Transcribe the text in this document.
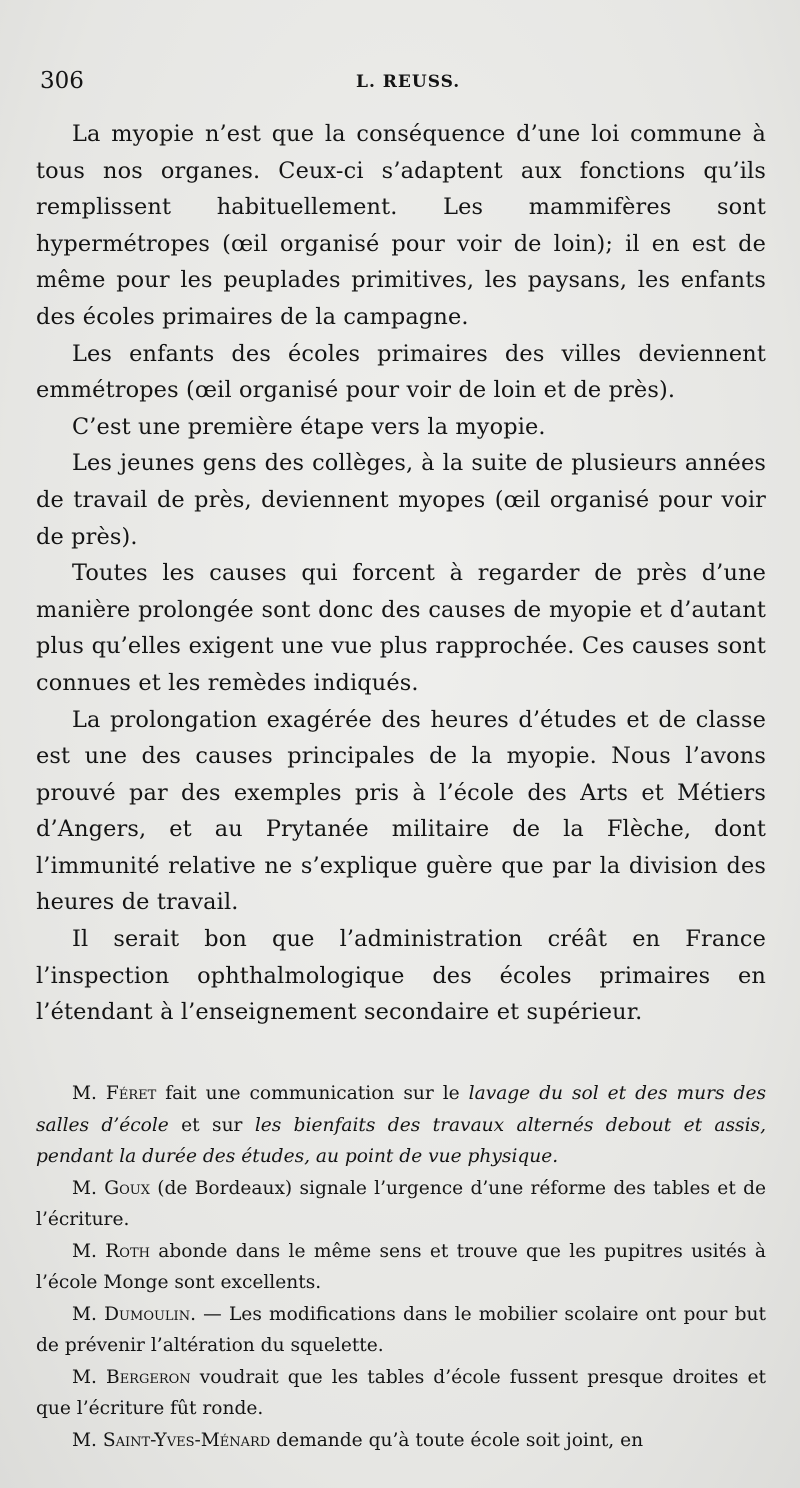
306	L. REUSS.

La myopie n’est que la conséquence d’une loi commune à tous nos organes. Ceux-ci s’adaptent aux fonctions qu’ils remplissent habituellement. Les mammifères sont hypermétropes (œil organisé pour voir de loin); il en est de même pour les peuplades primitives, les paysans, les enfants des écoles primaires de la campagne.

Les enfants des écoles primaires des villes deviennent emmétropes (œil organisé pour voir de loin et de près).

C’est une première étape vers la myopie.

Les jeunes gens des collèges, à la suite de plusieurs années de travail de près, deviennent myopes (œil organisé pour voir de près).

Toutes les causes qui forcent à regarder de près d’une manière prolongée sont donc des causes de myopie et d’autant plus qu’elles exigent une vue plus rapprochée. Ces causes sont connues et les remèdes indiqués.

La prolongation exagérée des heures d’études et de classe est une des causes principales de la myopie. Nous l’avons prouvé par des exemples pris à l’école des Arts et Métiers d’Angers, et au Prytanée militaire de la Flèche, dont l’immunité relative ne s’explique guère que par la division des heures de travail.

Il serait bon que l’administration créât en France l’inspection ophthalmologique des écoles primaires en l’étendant à l’enseignement secondaire et supérieur.

M. Féret fait une communication sur le lavage du sol et des murs des salles d’école et sur les bienfaits des travaux alternés debout et assis, pendant la durée des études, au point de vue physique.

M. Goux (de Bordeaux) signale l’urgence d’une réforme des tables et de l’écriture.

M. Roth abonde dans le même sens et trouve que les pupitres usités à l’école Monge sont excellents.

M. Dumoulin. — Les modifications dans le mobilier scolaire ont pour but de prévenir l’altération du squelette.

M. Bergeron voudrait que les tables d’école fussent presque droites et que l’écriture fût ronde.

M. Saint-Yves-Ménard demande qu’à toute école soit joint, en
